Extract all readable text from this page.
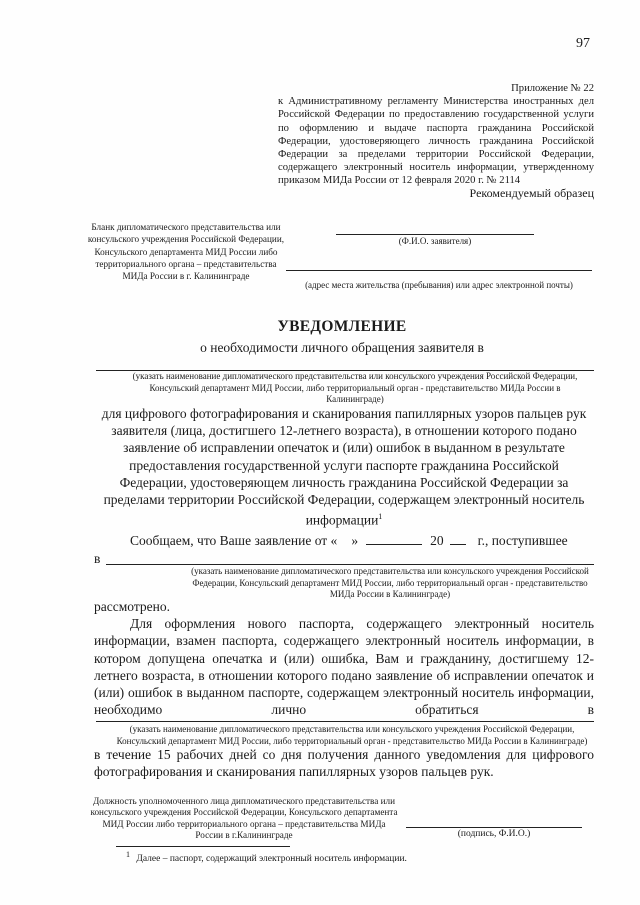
97
Приложение № 22
к Административному регламенту Министерства иностранных дел Российской Федерации по предоставлению государственной услуги по оформлению и выдаче паспорта гражданина Российской Федерации, удостоверяющего личность гражданина Российской Федерации за пределами территории Российской Федерации, содержащего электронный носитель информации, утвержденному приказом МИДа России от 12 февраля 2020 г. № 2114
Рекомендуемый образец
Бланк дипломатического представительства или консульского учреждения Российской Федерации, Консульского департамента МИД России либо территориального органа – представительства МИДа России в г. Калининграде
(Ф.И.О. заявителя)
(адрес места жительства (пребывания) или адрес электронной почты)
УВЕДОМЛЕНИЕ
о необходимости личного обращения заявителя в
(указать наименование дипломатического представительства или консульского учреждения Российской Федерации, Консульский департамент МИД России, либо территориальный орган - представительство МИДа России в Калининграде)
для цифрового фотографирования и сканирования папиллярных узоров пальцев рук заявителя (лица, достигшего 12-летнего возраста), в отношении которого подано заявление об исправлении опечаток и (или) ошибок в выданном в результате предоставления государственной услуги паспорте гражданина Российской Федерации, удостоверяющем личность гражданина Российской Федерации за пределами территории Российской Федерации, содержащем электронный носитель информации$^1$
Сообщаем, что Ваше заявление от « »	20	г., поступившее
в
(указать наименование дипломатического представительства или консульского учреждения Российской Федерации, Консульский департамент МИД России, либо территориальный орган - представительство МИДа России в Калининграде)
рассмотрено.
Для оформления нового паспорта, содержащего электронный носитель информации, взамен паспорта, содержащего электронный носитель информации, в котором допущена опечатка и (или) ошибка, Вам и гражданину, достигшему 12-летнего возраста, в отношении которого подано заявление об исправлении опечаток и (или) ошибок в выданном паспорте, содержащем электронный носитель информации, необходимо лично обратиться в
(указать наименование дипломатического представительства или консульского учреждения Российской Федерации, Консульский департамент МИД России, либо территориальный орган - представительство МИДа России в Калининграде)
в течение 15 рабочих дней со дня получения данного уведомления для цифрового фотографирования и сканирования папиллярных узоров пальцев рук.
Должность уполномоченного лица дипломатического представительства или консульского учреждения Российской Федерации, Консульского департамента МИД России либо территориального органа – представительства МИДа России в г.Калининграде	(подпись, Ф.И.О.)
$^1$ Далее – паспорт, содержащий электронный носитель информации.
